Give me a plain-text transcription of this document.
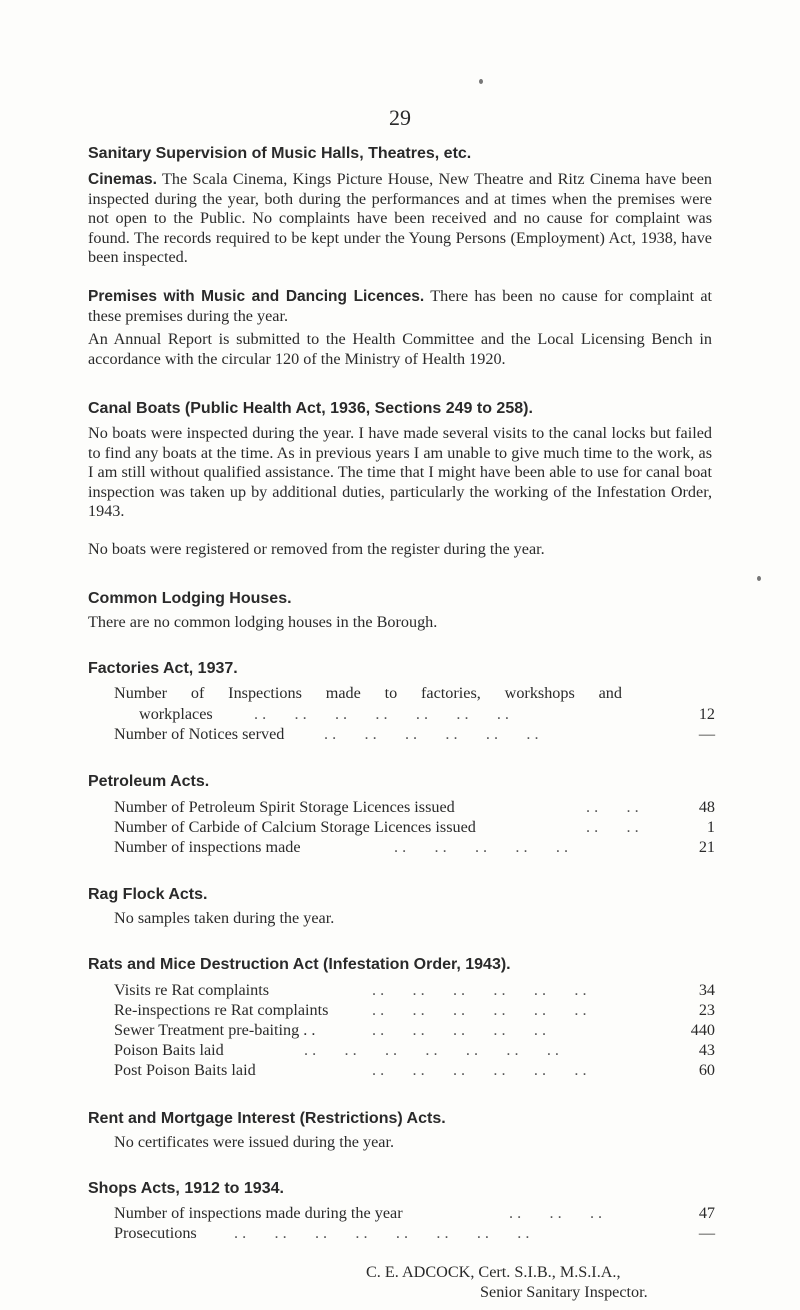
29
Sanitary Supervision of Music Halls, Theatres, etc.
Cinemas. The Scala Cinema, Kings Picture House, New Theatre and Ritz Cinema have been inspected during the year, both during the performances and at times when the premises were not open to the Public. No complaints have been received and no cause for complaint was found. The records required to be kept under the Young Persons (Employment) Act, 1938, have been inspected.
Premises with Music and Dancing Licences. There has been no cause for complaint at these premises during the year.
An Annual Report is submitted to the Health Committee and the Local Licensing Bench in accordance with the circular 120 of the Ministry of Health 1920.
Canal Boats (Public Health Act, 1936, Sections 249 to 258).
No boats were inspected during the year. I have made several visits to the canal locks but failed to find any boats at the time. As in previous years I am unable to give much time to the work, as I am still without qualified assistance. The time that I might have been able to use for canal boat inspection was taken up by additional duties, particularly the working of the Infestation Order, 1943.
No boats were registered or removed from the register during the year.
Common Lodging Houses.
There are no common lodging houses in the Borough.
Factories Act, 1937.
Number of Inspections made to factories, workshops and
workplaces	. .       . .       . .       . .       . .       . .       . .	12
Number of Notices served . .       . .       . .       . .       . .       . .	—
Petroleum Acts.
Number of Petroleum Spirit Storage Licences issued	. .       . .	48
Number of Carbide of Calcium Storage Licences issued	. .       . .	1
Number of inspections made	. .       . .       . .       . .       . .	21
Rag Flock Acts.
No samples taken during the year.
Rats and Mice Destruction Act (Infestation Order, 1943).
Visits re Rat complaints	. .       . .       . .       . .       . .       . .	34
Re-inspections re Rat complaints	. .       . .       . .       . .       . .       . .	23
Sewer Treatment pre-baiting . .	. .       . .       . .       . .       . .	440
Poison Baits laid	. .       . .       . .       . .       . .       . .       . .	43
Post Poison Baits laid	. .       . .       . .       . .       . .       . .	60
Rent and Mortgage Interest (Restrictions) Acts.
No certificates were issued during the year.
Shops Acts, 1912 to 1934.
Number of inspections made during the year	. .       . .       . .	47
Prosecutions . .       . .       . .       . .       . .       . .       . .       . .	—
C. E. ADCOCK, Cert. S.I.B., M.S.I.A.,
Senior Sanitary Inspector.
